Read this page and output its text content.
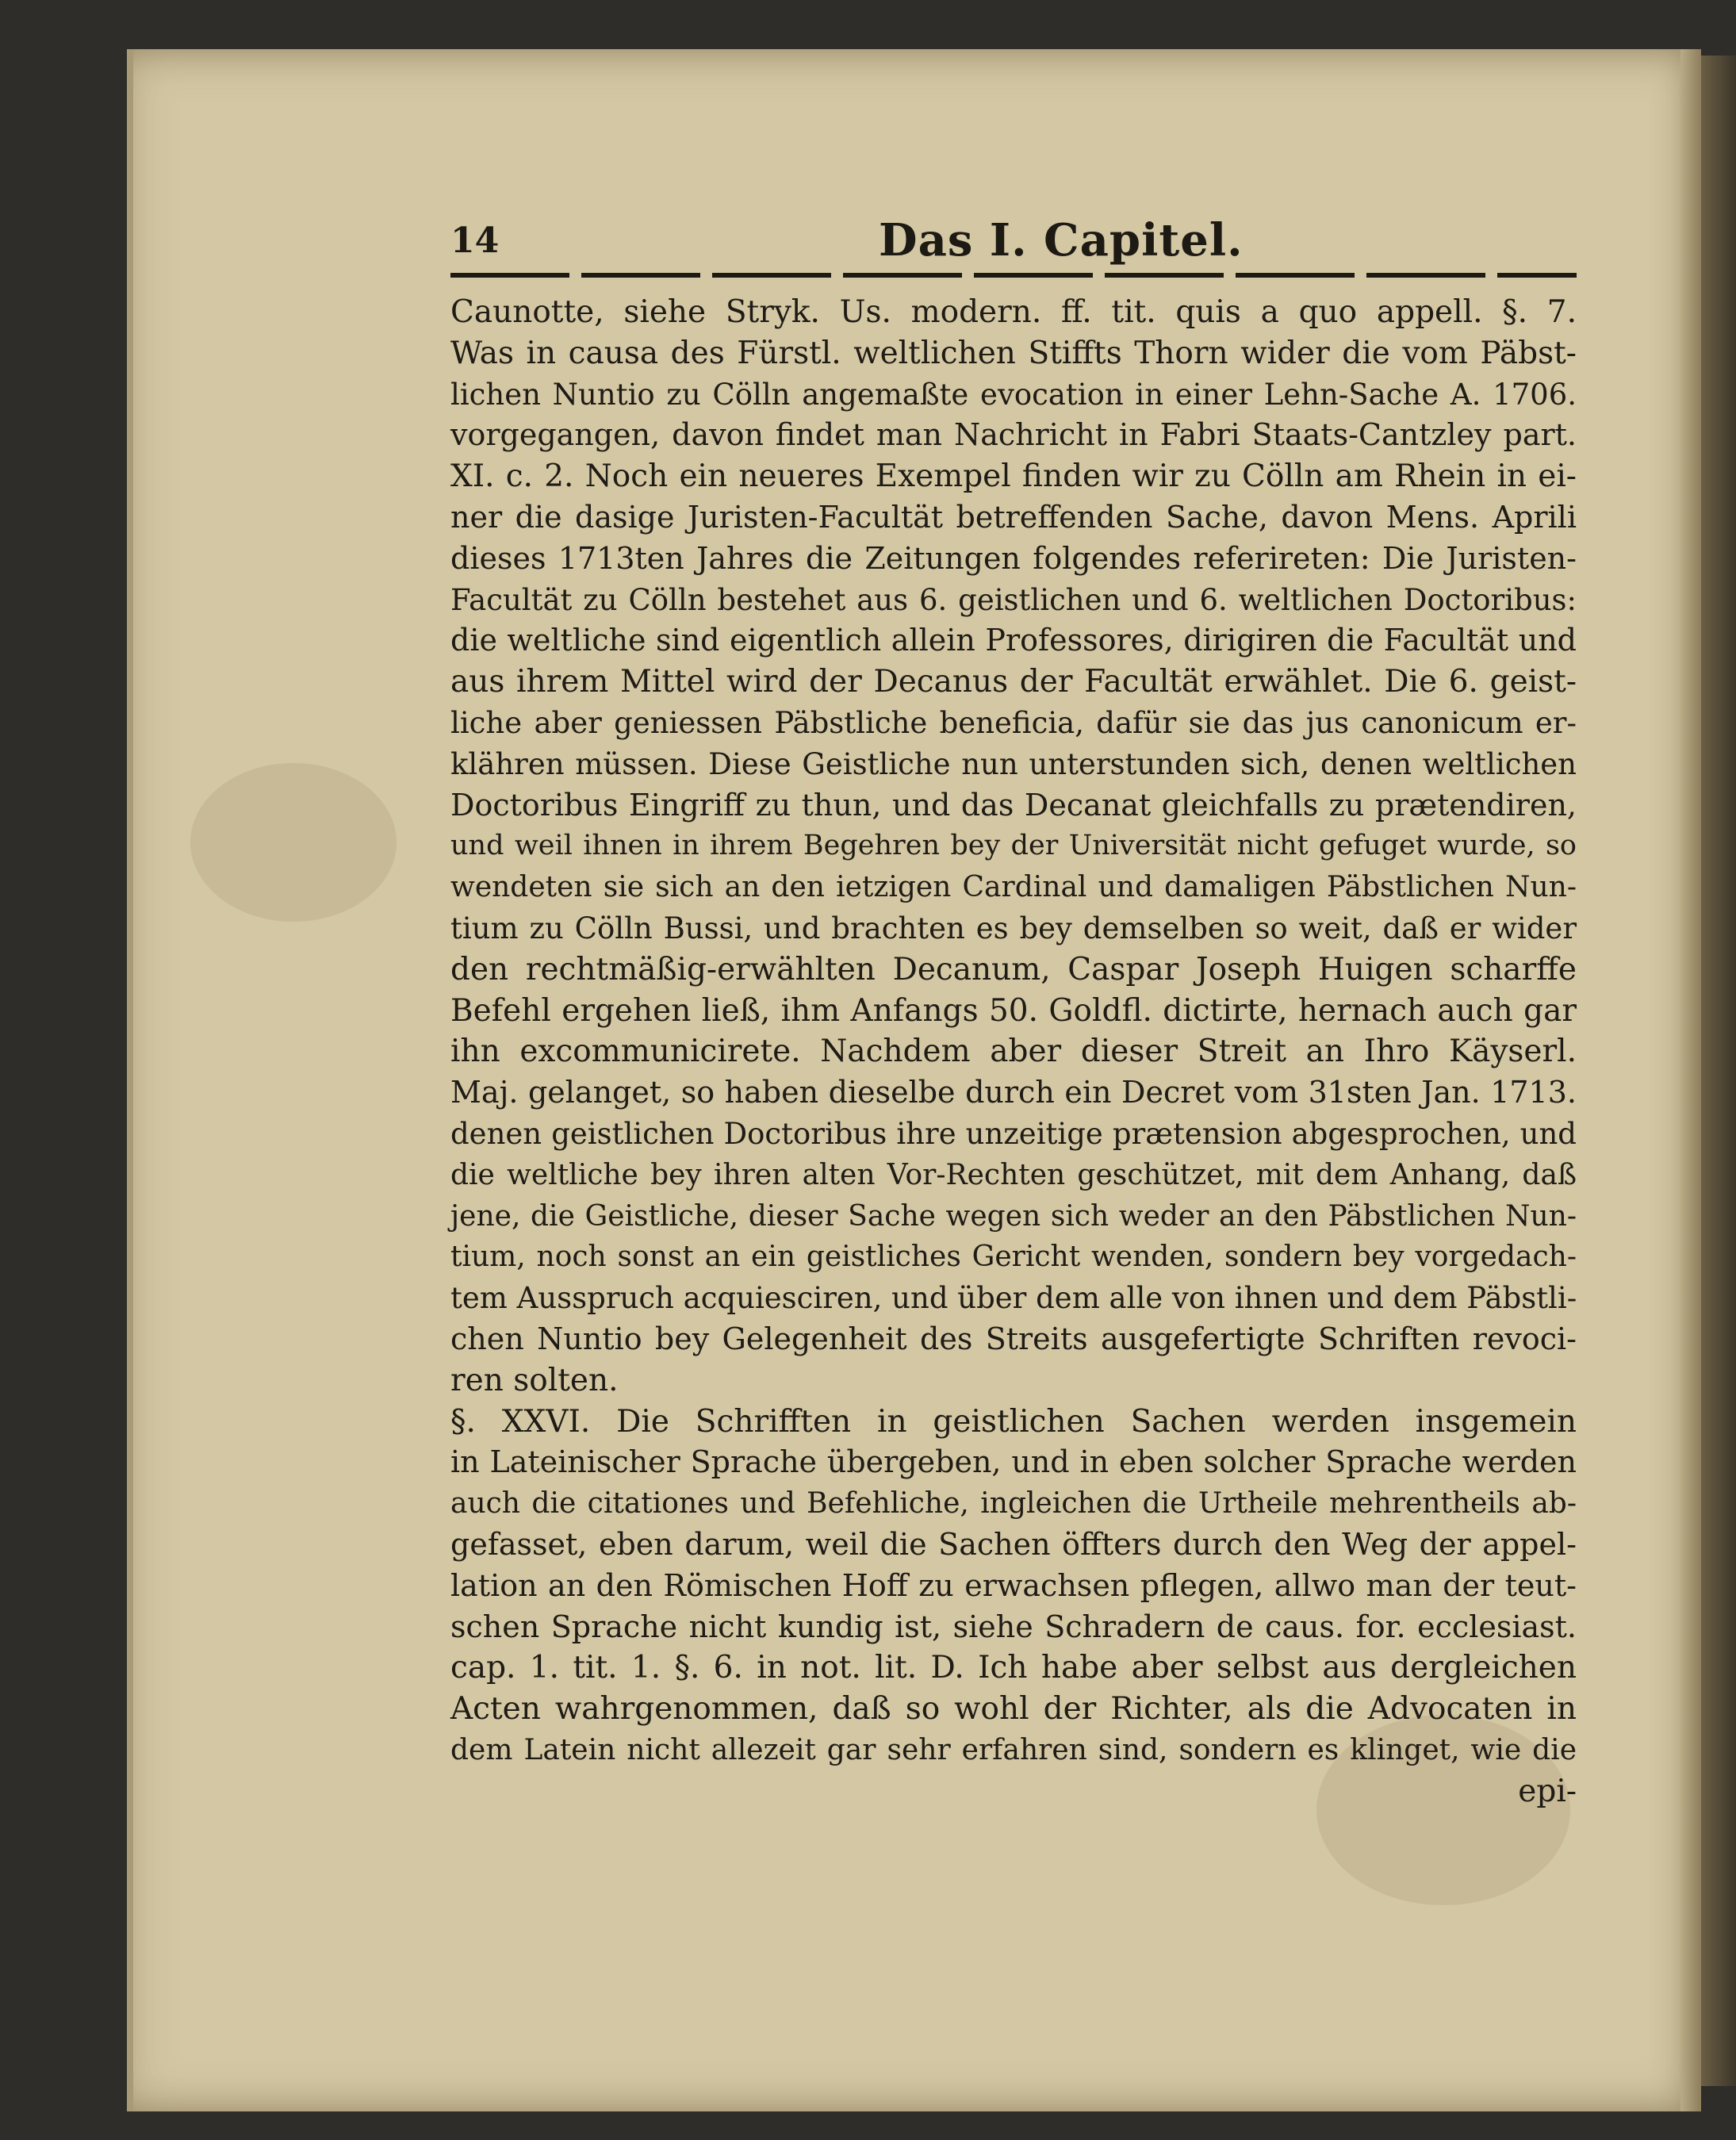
14	Das I. Capitel.
Caunotte, siehe Stryk. Us. modern. ff. tit. quis a quo appell. §. 7.
Was in causa des Fürstl. weltlichen Stiffts Thorn wider die vom Päbst-
lichen Nuntio zu Cölln angemaßte evocation in einer Lehn-Sache A. 1706.
vorgegangen, davon findet man Nachricht in Fabri Staats-Cantzley part.
XI. c. 2. Noch ein neueres Exempel finden wir zu Cölln am Rhein in ei-
ner die dasige Juristen-Facultät betreffenden Sache, davon Mens. Aprili
dieses 1713ten Jahres die Zeitungen folgendes referireten: Die Juristen-
Facultät zu Cölln bestehet aus 6. geistlichen und 6. weltlichen Doctoribus:
die weltliche sind eigentlich allein Professores, dirigiren die Facultät und
aus ihrem Mittel wird der Decanus der Facultät erwählet. Die 6. geist-
liche aber geniessen Päbstliche beneficia, dafür sie das jus canonicum er-
klähren müssen. Diese Geistliche nun unterstunden sich, denen weltlichen
Doctoribus Eingriff zu thun, und das Decanat gleichfalls zu prætendiren,
und weil ihnen in ihrem Begehren bey der Universität nicht gefuget wurde, so
wendeten sie sich an den ietzigen Cardinal und damaligen Päbstlichen Nun-
tium zu Cölln Bussi, und brachten es bey demselben so weit, daß er wider
den rechtmäßig-erwählten Decanum, Caspar Joseph Huigen scharffe
Befehl ergehen ließ, ihm Anfangs 50. Goldfl. dictirte, hernach auch gar
ihn excommunicirete. Nachdem aber dieser Streit an Ihro Käyserl.
Maj. gelanget, so haben dieselbe durch ein Decret vom 31sten Jan. 1713.
denen geistlichen Doctoribus ihre unzeitige prætension abgesprochen, und
die weltliche bey ihren alten Vor-Rechten geschützet, mit dem Anhang, daß
jene, die Geistliche, dieser Sache wegen sich weder an den Päbstlichen Nun-
tium, noch sonst an ein geistliches Gericht wenden, sondern bey vorgedach-
tem Ausspruch acquiesciren, und über dem alle von ihnen und dem Päbstli-
chen Nuntio bey Gelegenheit des Streits ausgefertigte Schriften revoci-
ren solten.
§. XXVI. Die Schrifften in geistlichen Sachen werden insgemein
in Lateinischer Sprache übergeben, und in eben solcher Sprache werden
auch die citationes und Befehliche, ingleichen die Urtheile mehrentheils ab-
gefasset, eben darum, weil die Sachen öffters durch den Weg der appel-
lation an den Römischen Hoff zu erwachsen pflegen, allwo man der teut-
schen Sprache nicht kundig ist, siehe Schradern de caus. for. ecclesiast.
cap. 1. tit. 1. §. 6. in not. lit. D. Ich habe aber selbst aus dergleichen
Acten wahrgenommen, daß so wohl der Richter, als die Advocaten in
dem Latein nicht allezeit gar sehr erfahren sind, sondern es klinget, wie die
epi-
